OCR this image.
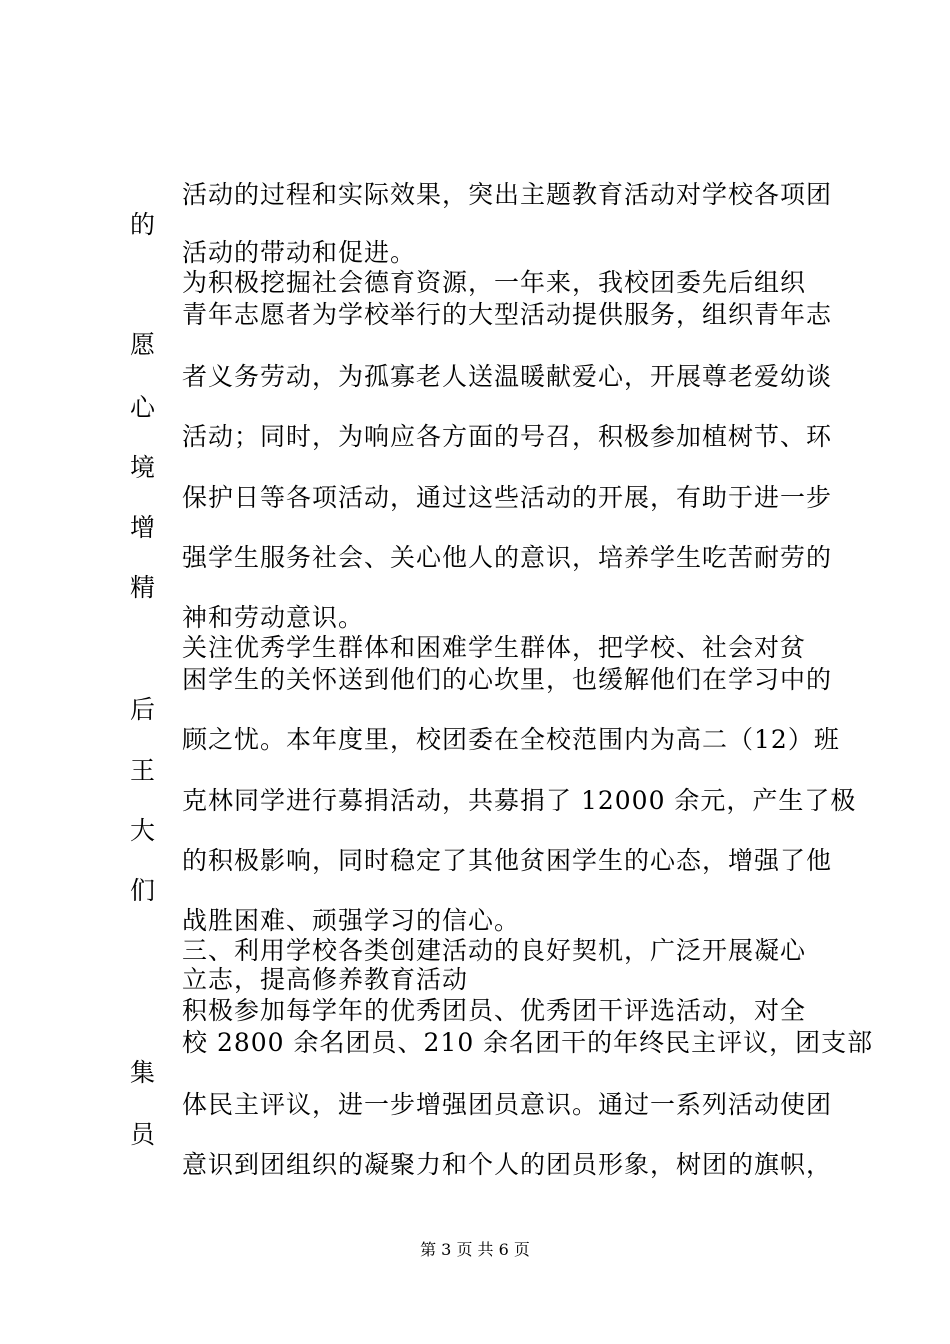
活动的过程和实际效果，突出主题教育活动对学校各项团
的
活动的带动和促进。
为积极挖掘社会德育资源，一年来，我校团委先后组织
青年志愿者为学校举行的大型活动提供服务，组织青年志
愿
者义务劳动，为孤寡老人送温暖献爱心，开展尊老爱幼谈
心
活动；同时，为响应各方面的号召，积极参加植树节、环
境
保护日等各项活动，通过这些活动的开展，有助于进一步
增
强学生服务社会、关心他人的意识，培养学生吃苦耐劳的
精
神和劳动意识。
关注优秀学生群体和困难学生群体，把学校、社会对贫
困学生的关怀送到他们的心坎里，也缓解他们在学习中的
后
顾之忧。本年度里，校团委在全校范围内为高二（12）班
王
克林同学进行募捐活动，共募捐了 12000 余元，产生了极
大
的积极影响，同时稳定了其他贫困学生的心态，增强了他
们
战胜困难、顽强学习的信心。
三、利用学校各类创建活动的良好契机，广泛开展凝心
立志，提高修养教育活动
积极参加每学年的优秀团员、优秀团干评选活动，对全
校 2800 余名团员、210 余名团干的年终民主评议，团支部
集
体民主评议，进一步增强团员意识。通过一系列活动使团
员
意识到团组织的凝聚力和个人的团员形象，树团的旗帜，
第 3 页 共 6 页
